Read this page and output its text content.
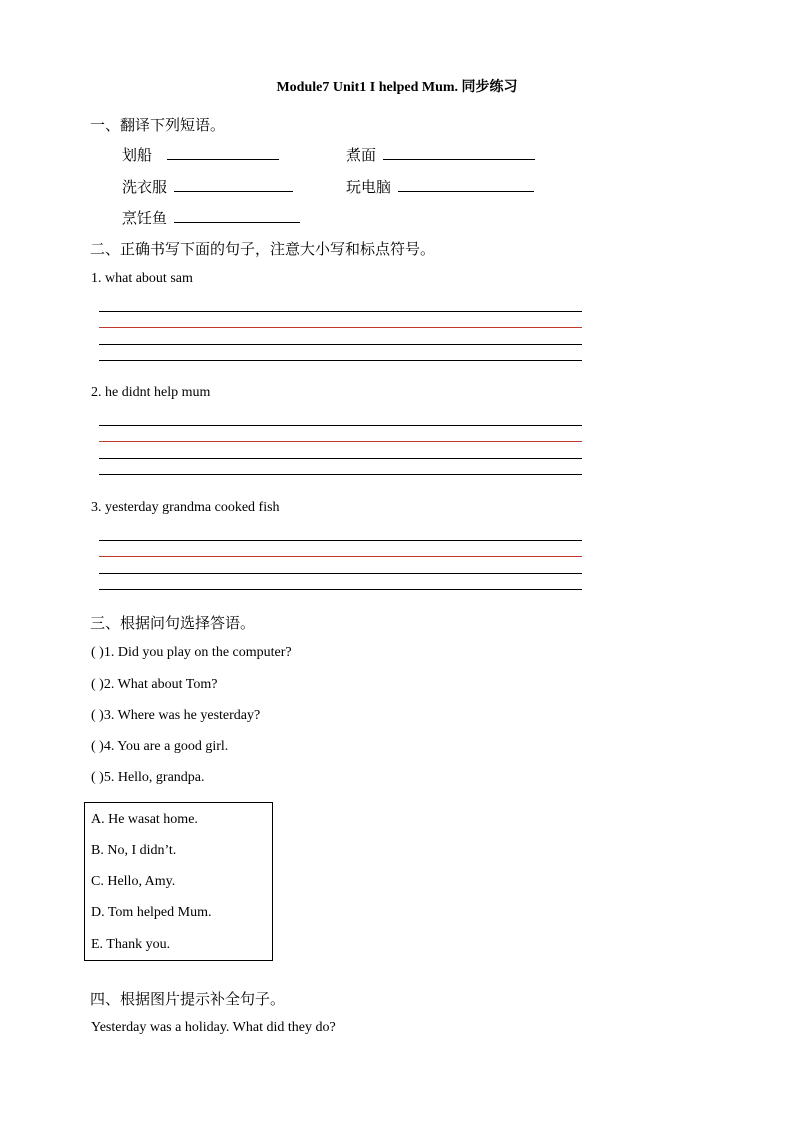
Module7 Unit1 I helped Mum. 同步练习
一、翻译下列短语。
划船	煮面
洗衣服	玩电脑
烹饪鱼
二、正确书写下面的句子，注意大小写和标点符号。
1. what about sam
2. he didnt help mum
3. yesterday grandma cooked fish
三、根据问句选择答语。
( )1. Did you play on the computer?
( )2. What about Tom?
( )3. Where was he yesterday?
( )4. You are a good girl.
( )5. Hello, grandpa.
A. He wasat home.
B. No, I didn’t.
C. Hello, Amy.
D. Tom helped Mum.
E. Thank you.
四、根据图片提示补全句子。
Yesterday was a holiday. What did they do?
